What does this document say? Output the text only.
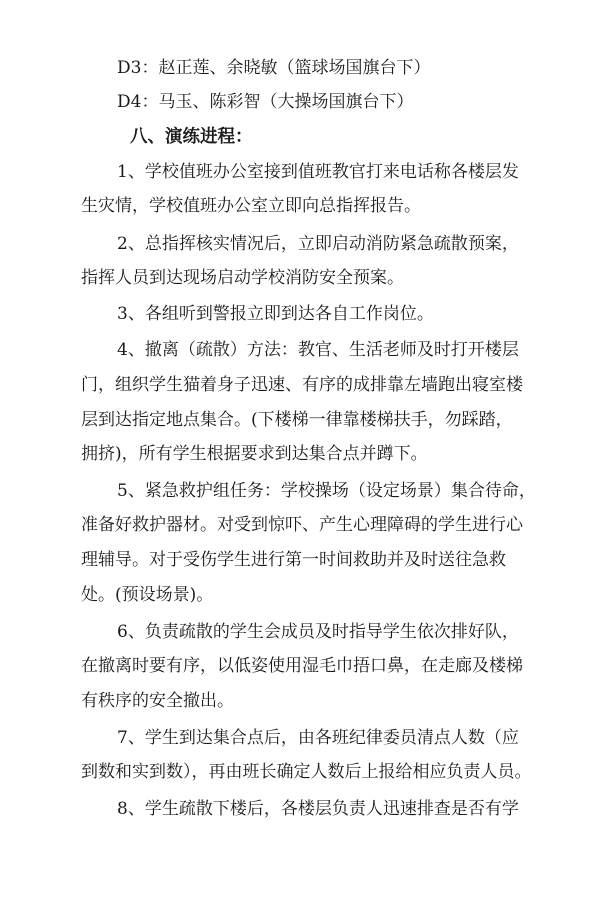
D3：赵正莲、余晓敏（篮球场国旗台下）
D4：马玉、陈彩智（大操场国旗台下）
八、演练进程：
1、学校值班办公室接到值班教官打来电话称各楼层发
生灾情，学校值班办公室立即向总指挥报告。
2、总指挥核实情况后，立即启动消防紧急疏散预案，
指挥人员到达现场启动学校消防安全预案。
3、各组听到警报立即到达各自工作岗位。
4、撤离（疏散）方法：教官、生活老师及时打开楼层
门，组织学生猫着身子迅速、有序的成排靠左墙跑出寝室楼
层到达指定地点集合。(下楼梯一律靠楼梯扶手，勿踩踏，
拥挤)，所有学生根据要求到达集合点并蹲下。
5、紧急救护组任务：学校操场（设定场景）集合待命，
准备好救护器材。对受到惊吓、产生心理障碍的学生进行心
理辅导。对于受伤学生进行第一时间救助并及时送往急救
处。(预设场景)。
6、负责疏散的学生会成员及时指导学生依次排好队，
在撤离时要有序，以低姿使用湿毛巾捂口鼻，在走廊及楼梯
有秩序的安全撤出。
7、学生到达集合点后，由各班纪律委员清点人数（应
到数和实到数），再由班长确定人数后上报给相应负责人员。
8、学生疏散下楼后，各楼层负责人迅速排查是否有学
